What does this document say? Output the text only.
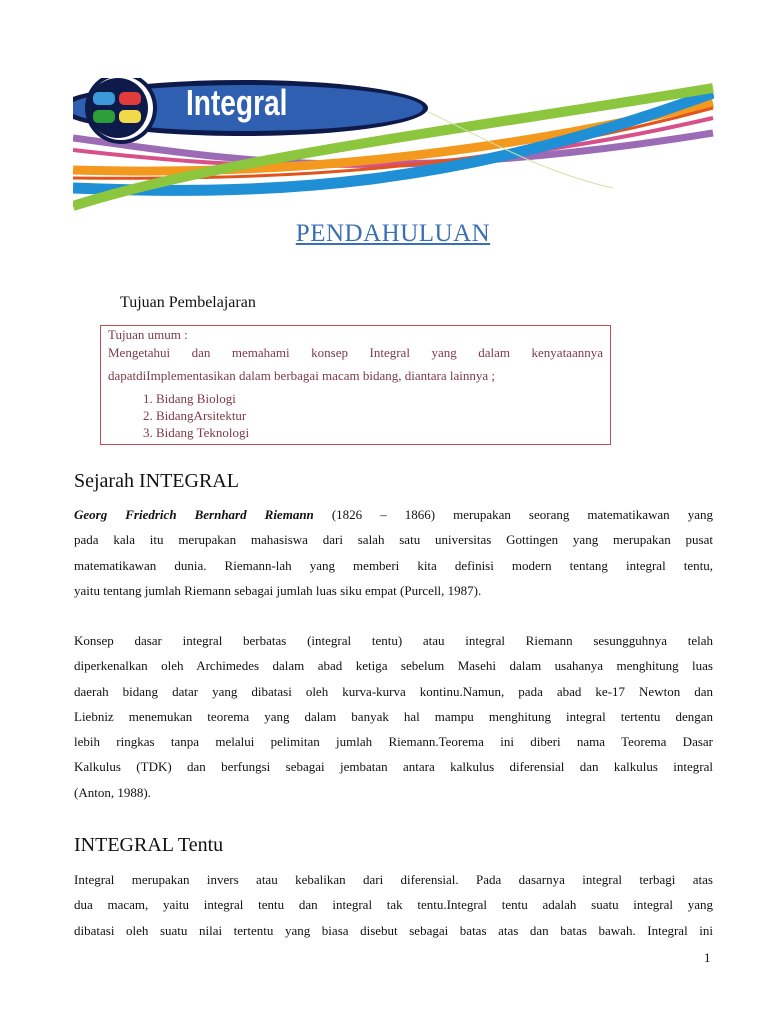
Integral
PENDAHULUAN
Tujuan Pembelajaran
Tujuan umum :
Mengetahui dan memahami konsep Integral yang dalam kenyataannya
dapatdiImplementasikan dalam berbagai macam bidang, diantara lainnya ;
1. Bidang Biologi
2. BidangArsitektur
3. Bidang Teknologi
Sejarah INTEGRAL
Georg Friedrich Bernhard Riemann (1826 – 1866) merupakan seorang matematikawan yang
pada kala itu merupakan mahasiswa dari salah satu universitas Gottingen yang merupakan pusat
matematikawan dunia. Riemann-lah yang memberi kita definisi modern tentang integral tentu,
yaitu tentang jumlah Riemann sebagai jumlah luas siku empat (Purcell, 1987).
Konsep dasar integral berbatas (integral tentu) atau integral Riemann sesungguhnya telah
diperkenalkan oleh Archimedes dalam abad ketiga sebelum Masehi dalam usahanya menghitung luas
daerah bidang datar yang dibatasi oleh kurva-kurva kontinu.Namun, pada abad ke-17 Newton dan
Liebniz menemukan teorema yang dalam banyak hal mampu menghitung integral tertentu dengan
lebih ringkas tanpa melalui pelimitan jumlah Riemann.Teorema ini diberi nama Teorema Dasar
Kalkulus (TDK) dan berfungsi sebagai jembatan antara kalkulus diferensial dan kalkulus integral
(Anton, 1988).
INTEGRAL Tentu
Integral merupakan invers atau kebalikan dari diferensial. Pada dasarnya integral terbagi atas
dua macam, yaitu integral tentu dan integral tak tentu.Integral tentu adalah suatu integral yang
dibatasi oleh suatu nilai tertentu yang biasa disebut sebagai batas atas dan batas bawah. Integral ini
1
